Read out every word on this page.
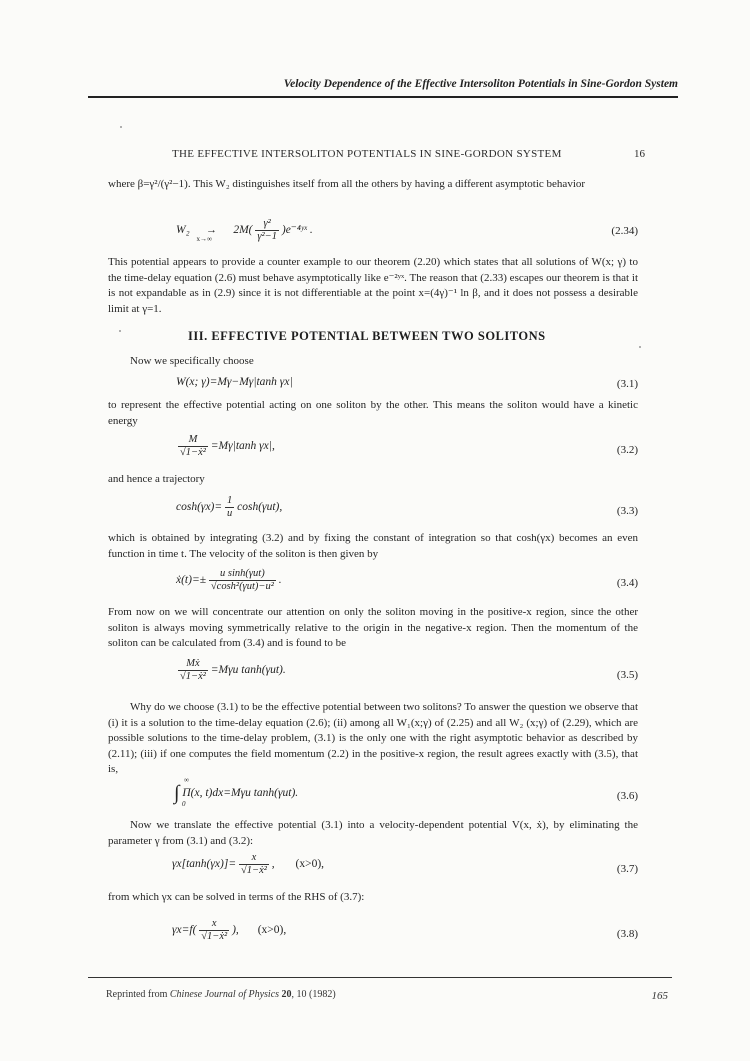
Velocity Dependence of the Effective Intersoliton Potentials in Sine-Gordon System
THE EFFECTIVE INTERSOLITON POTENTIALS IN SINE-GORDON SYSTEM	16
where β=γ²/(γ²−1). This W₂ distinguishes itself from all the others by having a different asymptotic behavior
W₂ →
x→∞
$2M( \frac{\text{γ²}}{\text{γ²−1}}$ )e⁻⁴ʸˣ .	(2.34)
This potential appears to provide a counter example to our theorem (2.20) which states that all solutions of W(x; γ) to the time-delay equation (2.6) must behave asymptotically like e⁻²ʸˣ. The reason that (2.33) escapes our theorem is that it is not expandable as in (2.9) since it is not differentiable at the point x=(4γ)⁻¹ ln β, and it does not possess a desirable limit at γ=1.
III. EFFECTIVE POTENTIAL BETWEEN TWO SOLITONS
Now we specifically choose
W(x; γ)=Mγ−Mγ|tanh γx|	(3.1)
to represent the effective potential acting on one soliton by the other. This means the soliton would have a kinetic energy
$\frac{M}{\text{√1−ẋ²}} =M\gamma|\tanh$ γx|,	(3.2)
and hence a trajectory
$\cosh(\gamma x)= \frac{1}{u} \cosh(\gamma ut)$,	(3.3)
which is obtained by integrating (3.2) and by fixing the constant of integration so that cosh(γx) becomes an even function in time t. The velocity of the soliton is then given by
ẋ(t)=± $\frac{\text{u sinh(γut)}}{\text{√cosh²(γut)−u²}}$ .	(3.4)
From now on we will concentrate our attention on only the soliton moving in the positive-x region, since the other soliton is always moving symmetrically relative to the origin in the negative-x region. Then the momentum of the soliton can be calculated from (3.4) and is found to be
$\frac{\text{Mẋ}}{\text{√1−ẋ²}} =M\gamma u$ tanh(γut).	(3.5)
Why do we choose (3.1) to be the effective potential between two solitons? To answer the question we observe that (i) it is a solution to the time-delay equation (2.6); (ii) among all W₁(x;γ) of (2.25) and all W₂ (x;γ) of (2.29), which are possible solutions to the time-delay problem, (3.1) is the only one with the right asymptotic behavior as described by (2.11); (iii) if one computes the field momentum (2.2) in the positive-x region, the result agrees exactly with (3.5), that is,
∫
∞
0
Π(x, t)dx=Mγu tanh(γut).	(3.6)
Now we translate the effective potential (3.1) into a velocity-dependent potential V(x, ẋ), by eliminating the parameter γ from (3.1) and (3.2):
$\gamma x[\tanh(\gamma x)]= \frac{x}{\text{√1−ẋ²}}$ , (x>0),	(3.7)
from which γx can be solved in terms of the RHS of (3.7):
$\gamma x=f( \frac{x}{\text{√1−ẋ²}}$ ), (x>0),	(3.8)
Reprinted from Chinese Journal of Physics 20, 10 (1982)	165
